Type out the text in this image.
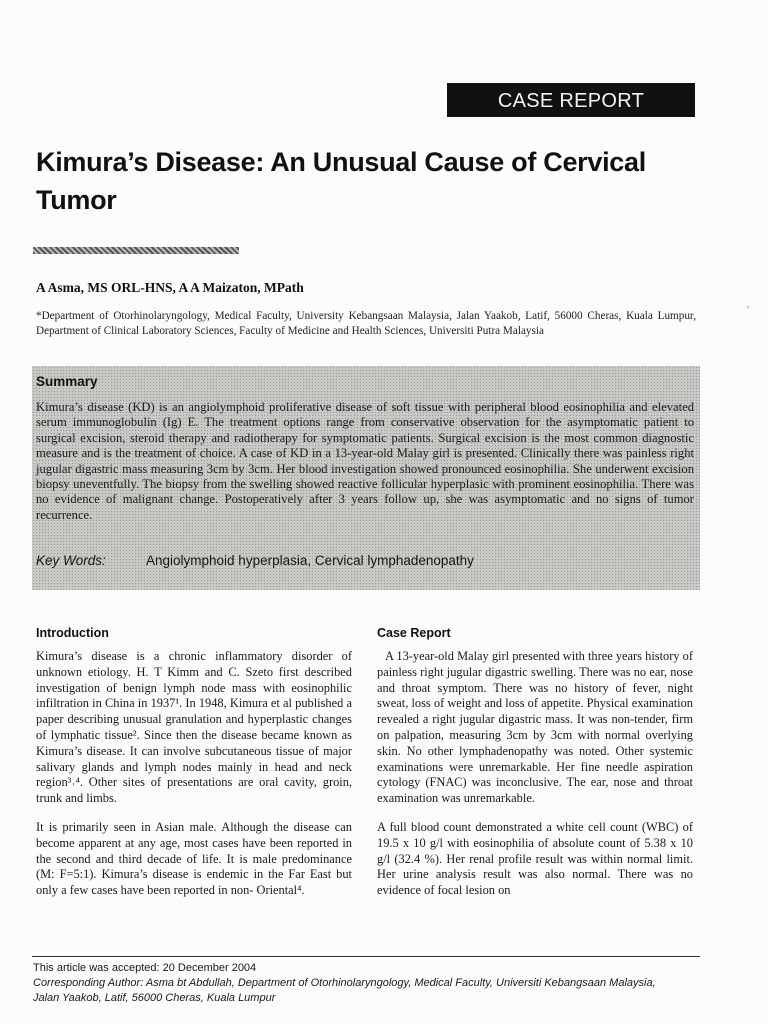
CASE REPORT
Kimura’s Disease: An Unusual Cause of Cervical Tumor

A Asma, MS ORL-HNS, A A Maizaton, MPath

*Department of Otorhinolaryngology, Medical Faculty, University Kebangsaan Malaysia, Jalan Yaakob, Latif, 56000 Cheras, Kuala Lumpur, Department of Clinical Laboratory Sciences, Faculty of Medicine and Health Sciences, Universiti Putra Malaysia

'
Summary

Kimura’s disease (KD) is an angiolymphoid proliferative disease of soft tissue with peripheral blood eosinophilia and elevated serum immunoglobulin (Ig) E. The treatment options range from conservative observation for the asymptomatic patient to surgical excision, steroid therapy and radiotherapy for symptomatic patients. Surgical excision is the most common diagnostic measure and is the treatment of choice. A case of KD in a 13-year-old Malay girl is presented. Clinically there was painless right jugular digastric mass measuring 3cm by 3cm. Her blood investigation showed pronounced eosinophilia. She underwent excision biopsy uneventfully. The biopsy from the swelling showed reactive follicular hyperplasic with prominent eosinophilia. There was no evidence of malignant change. Postoperatively after 3 years follow up, she was asymptomatic and no signs of tumor recurrence.

Key Words:	Angiolymphoid hyperplasia, Cervical lymphadenopathy

Introduction

Kimura’s disease is a chronic inflammatory disorder of unknown etiology. H. T Kimm and C. Szeto first described investigation of benign lymph node mass with eosinophilic infiltration in China in 1937¹. In 1948, Kimura et al published a paper describing unusual granulation and hyperplastic changes of lymphatic tissue². Since then the disease became known as Kimura’s disease. It can involve subcutaneous tissue of major salivary glands and lymph nodes mainly in head and neck region³˒⁴. Other sites of presentations are oral cavity, groin, trunk and limbs.

It is primarily seen in Asian male. Although the disease can become apparent at any age, most cases have been reported in the second and third decade of life. It is male predominance (M: F=5:1). Kimura’s disease is endemic in the Far East but only a few cases have been reported in non- Oriental⁴.

Case Report

A 13-year-old Malay girl presented with three years history of painless right jugular digastric swelling. There was no ear, nose and throat symptom. There was no history of fever, night sweat, loss of weight and loss of appetite. Physical examination revealed a right jugular digastric mass. It was non-tender, firm on palpation, measuring 3cm by 3cm with normal overlying skin. No other lymphadenopathy was noted. Other systemic examinations were unremarkable. Her fine needle aspiration cytology (FNAC) was inconclusive. The ear, nose and throat examination was unremarkable.

A full blood count demonstrated a white cell count (WBC) of 19.5 x 10 g/l with eosinophilia of absolute count of 5.38 x 10 g/l (32.4 %). Her renal profile result was within normal limit. Her urine analysis result was also normal. There was no evidence of focal lesion on

This article was accepted: 20 December 2004

Corresponding Author: Asma bt Abdullah, Department of Otorhinolaryngology, Medical Faculty, Universiti Kebangsaan Malaysia,

Jalan Yaakob, Latif, 56000 Cheras, Kuala Lumpur
